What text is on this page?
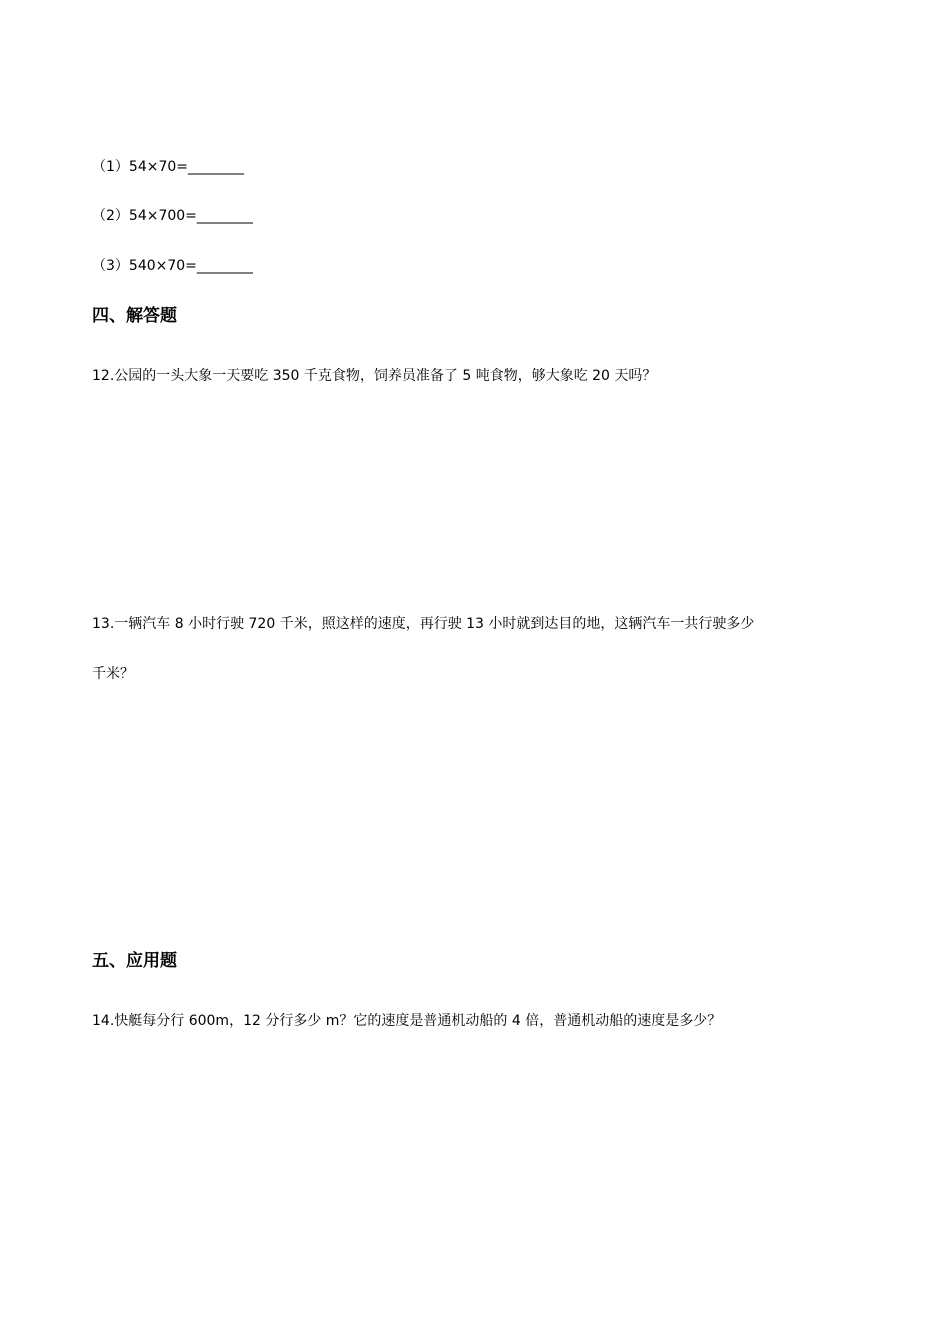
（1）54×70=________
（2）54×700=________
（3）540×70=________
四、解答题
12.公园的一头大象一天要吃 350 千克食物，饲养员准备了 5 吨食物，够大象吃 20 天吗？
13.一辆汽车 8 小时行驶 720 千米，照这样的速度，再行驶 13 小时就到达目的地，这辆汽车一共行驶多少
千米？
五、应用题
14.快艇每分行 600m，12 分行多少 m？它的速度是普通机动船的 4 倍，普通机动船的速度是多少？
